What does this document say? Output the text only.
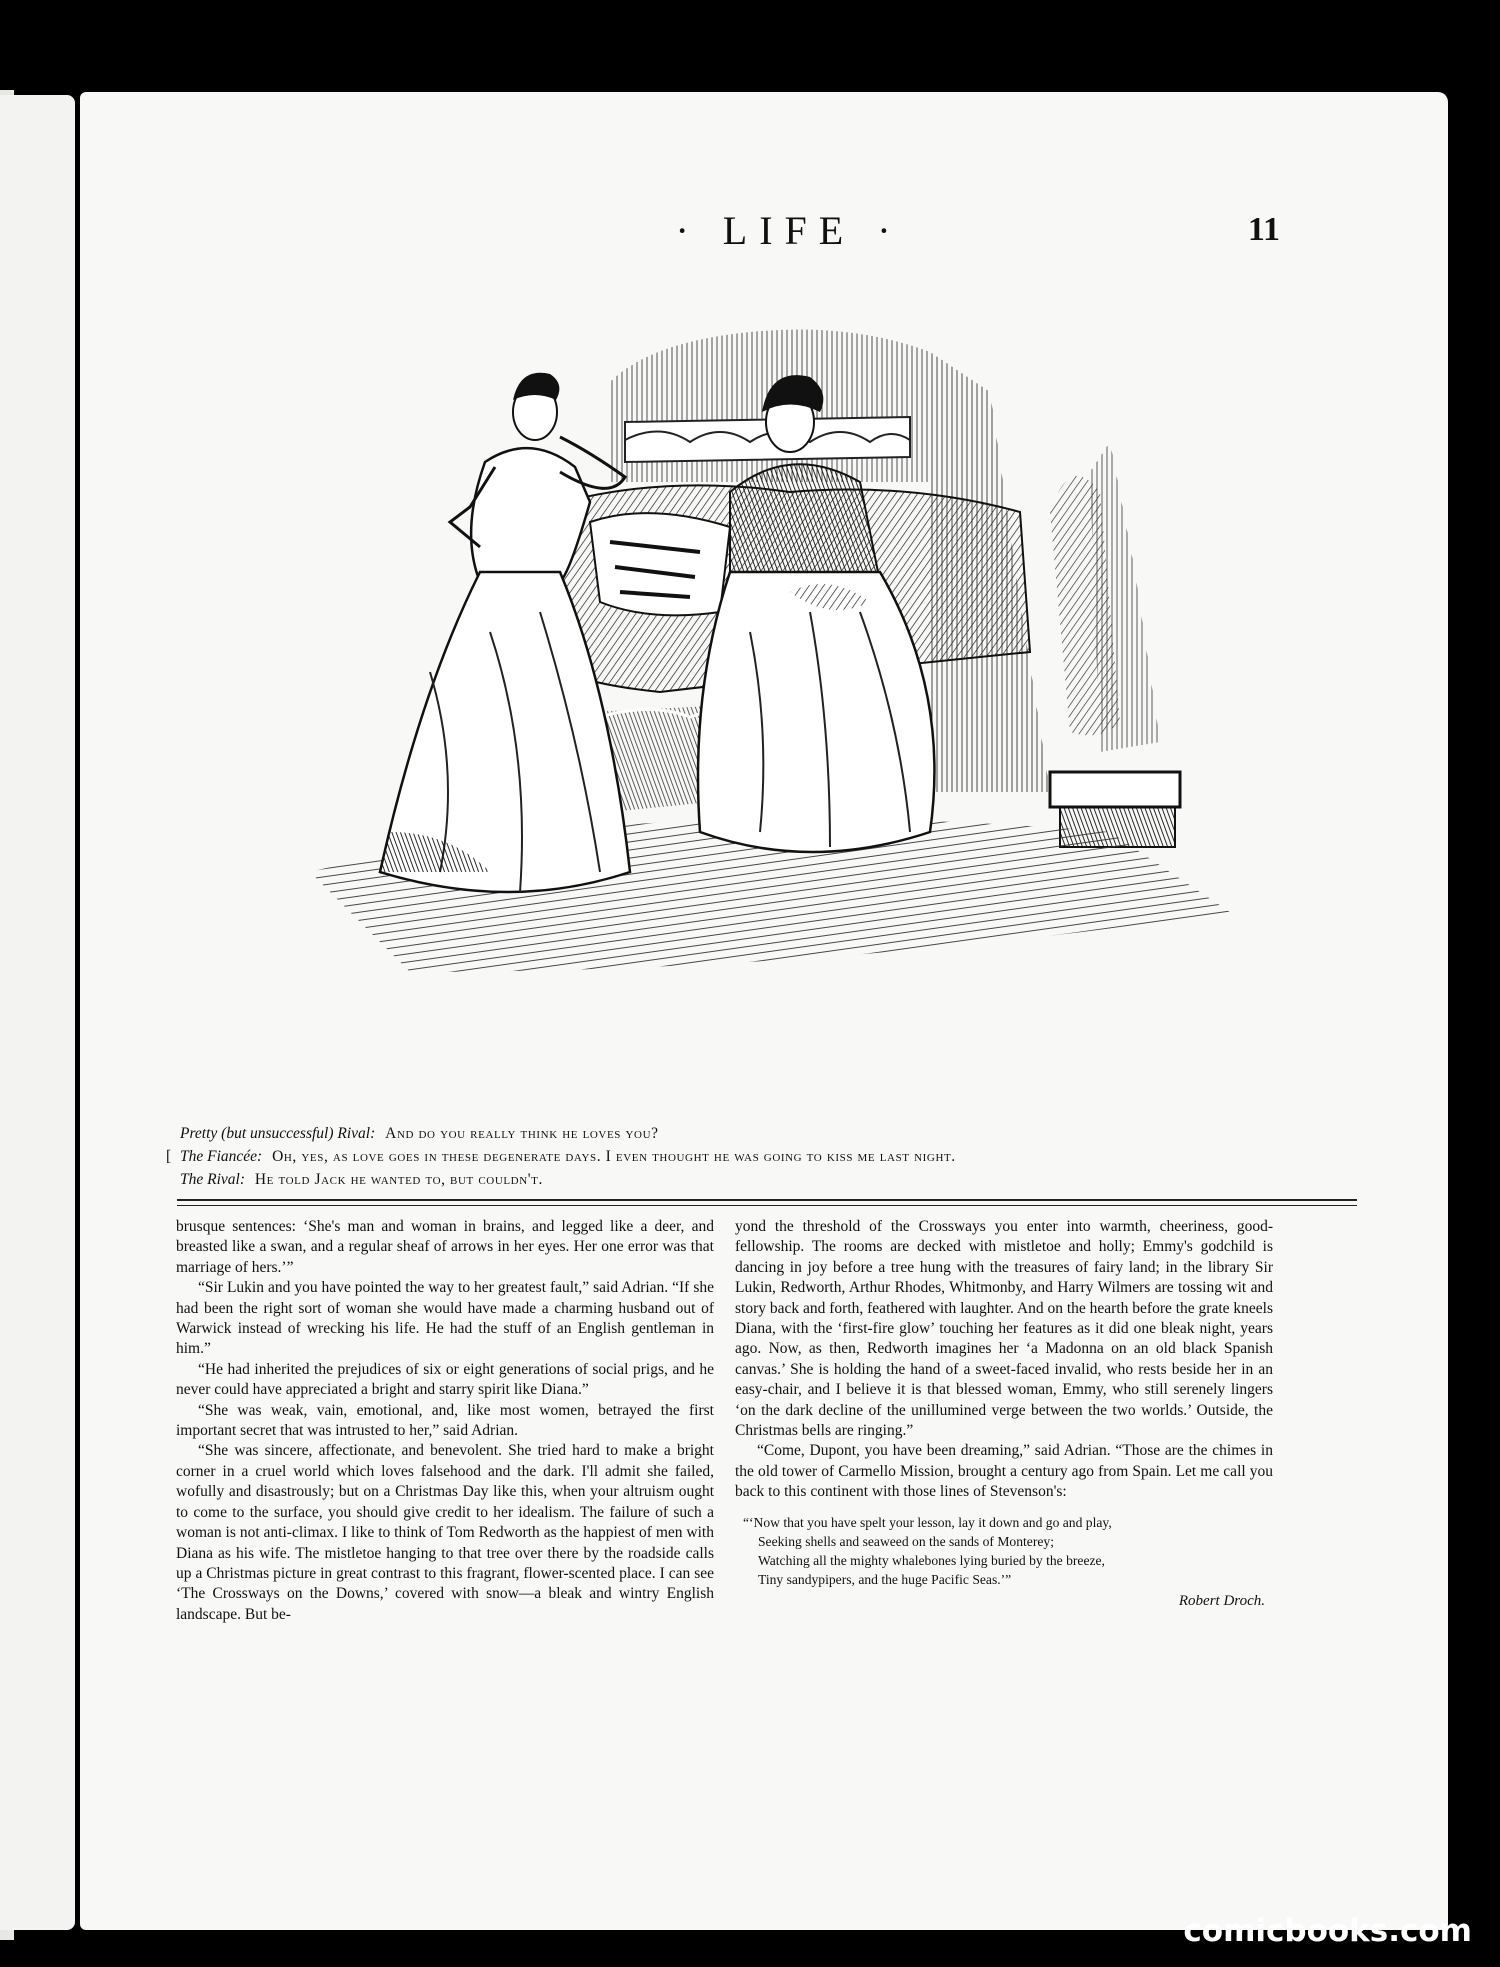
· LIFE ·	11
Pretty (but unsuccessful) Rival: And do you really think he loves you?
[ The Fiancée: Oh, yes, as love goes in these degenerate days. I even thought he was going to kiss me last night.
The Rival: He told Jack he wanted to, but couldn't.

brusque sentences: ‘She's man and woman in brains, and legged like a deer, and breasted like a swan, and a regular sheaf of arrows in her eyes. Her one error was that marriage of hers.’”

“Sir Lukin and you have pointed the way to her greatest fault,” said Adrian. “If she had been the right sort of woman she would have made a charming husband out of Warwick instead of wrecking his life. He had the stuff of an English gentleman in him.”

“He had inherited the prejudices of six or eight generations of social prigs, and he never could have appreciated a bright and starry spirit like Diana.”

“She was weak, vain, emotional, and, like most women, betrayed the first important secret that was intrusted to her,” said Adrian.

“She was sincere, affectionate, and benevolent. She tried hard to make a bright corner in a cruel world which loves falsehood and the dark. I'll admit she failed, wofully and disastrously; but on a Christmas Day like this, when your altruism ought to come to the surface, you should give credit to her idealism. The failure of such a woman is not anti-climax. I like to think of Tom Redworth as the happiest of men with Diana as his wife. The mistletoe hanging to that tree over there by the roadside calls up a Christmas picture in great contrast to this fragrant, flower-scented place. I can see ‘The Crossways on the Downs,’ covered with snow—a bleak and wintry English landscape. But be-

yond the threshold of the Crossways you enter into warmth, cheeriness, good-fellowship. The rooms are decked with mistletoe and holly; Emmy's godchild is dancing in joy before a tree hung with the treasures of fairy land; in the library Sir Lukin, Redworth, Arthur Rhodes, Whitmonby, and Harry Wilmers are tossing wit and story back and forth, feathered with laughter. And on the hearth before the grate kneels Diana, with the ‘first-fire glow’ touching her features as it did one bleak night, years ago. Now, as then, Redworth imagines her ‘a Madonna on an old black Spanish canvas.’ She is holding the hand of a sweet-faced invalid, who rests beside her in an easy-chair, and I believe it is that blessed woman, Emmy, who still serenely lingers ‘on the dark decline of the unillumined verge between the two worlds.’ Outside, the Christmas bells are ringing.”

“Come, Dupont, you have been dreaming,” said Adrian. “Those are the chimes in the old tower of Carmello Mission, brought a century ago from Spain. Let me call you back to this continent with those lines of Stevenson's:

“‘Now that you have spelt your lesson, lay it down and go and play,
Seeking shells and seaweed on the sands of Monterey;
Watching all the mighty whalebones lying buried by the breeze,
Tiny sandypipers, and the huge Pacific Seas.’”
Robert Droch.
comicbooks.com
